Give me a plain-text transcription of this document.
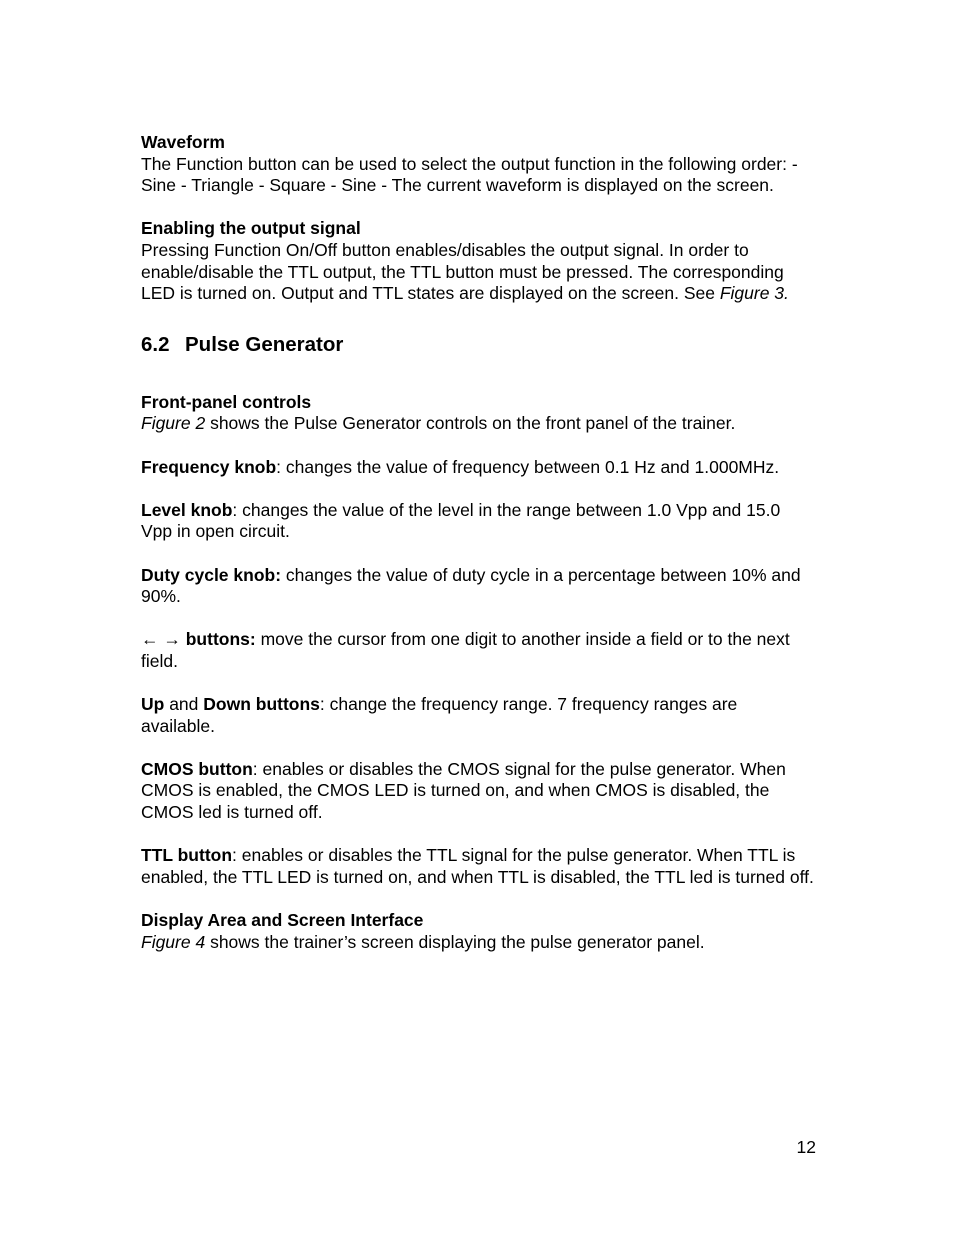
Waveform

The Function button can be used to select the output function in the following order: - Sine - Triangle - Square - Sine - The current waveform is displayed on the screen.

Enabling the output signal

Pressing Function On/Off button enables/disables the output signal. In order to enable/disable the TTL output, the TTL button must be pressed. The corresponding LED is turned on. Output and TTL states are displayed on the screen. See Figure 3.

6.2 Pulse Generator

Front-panel controls

Figure 2 shows the Pulse Generator controls on the front panel of the trainer.

Frequency knob: changes the value of frequency between 0.1 Hz and 1.000MHz.

Level knob: changes the value of the level in the range between 1.0 Vpp and 15.0 Vpp in open circuit.

Duty cycle knob: changes the value of duty cycle in a percentage between 10% and 90%.

← → buttons: move the cursor from one digit to another inside a field or to the next field.

Up and Down buttons: change the frequency range. 7 frequency ranges are available.

CMOS button: enables or disables the CMOS signal for the pulse generator. When CMOS is enabled, the CMOS LED is turned on, and when CMOS is disabled, the CMOS led is turned off.

TTL button: enables or disables the TTL signal for the pulse generator. When TTL is enabled, the TTL LED is turned on, and when TTL is disabled, the TTL led is turned off.

Display Area and Screen Interface

Figure 4 shows the trainer’s screen displaying the pulse generator panel.

12
